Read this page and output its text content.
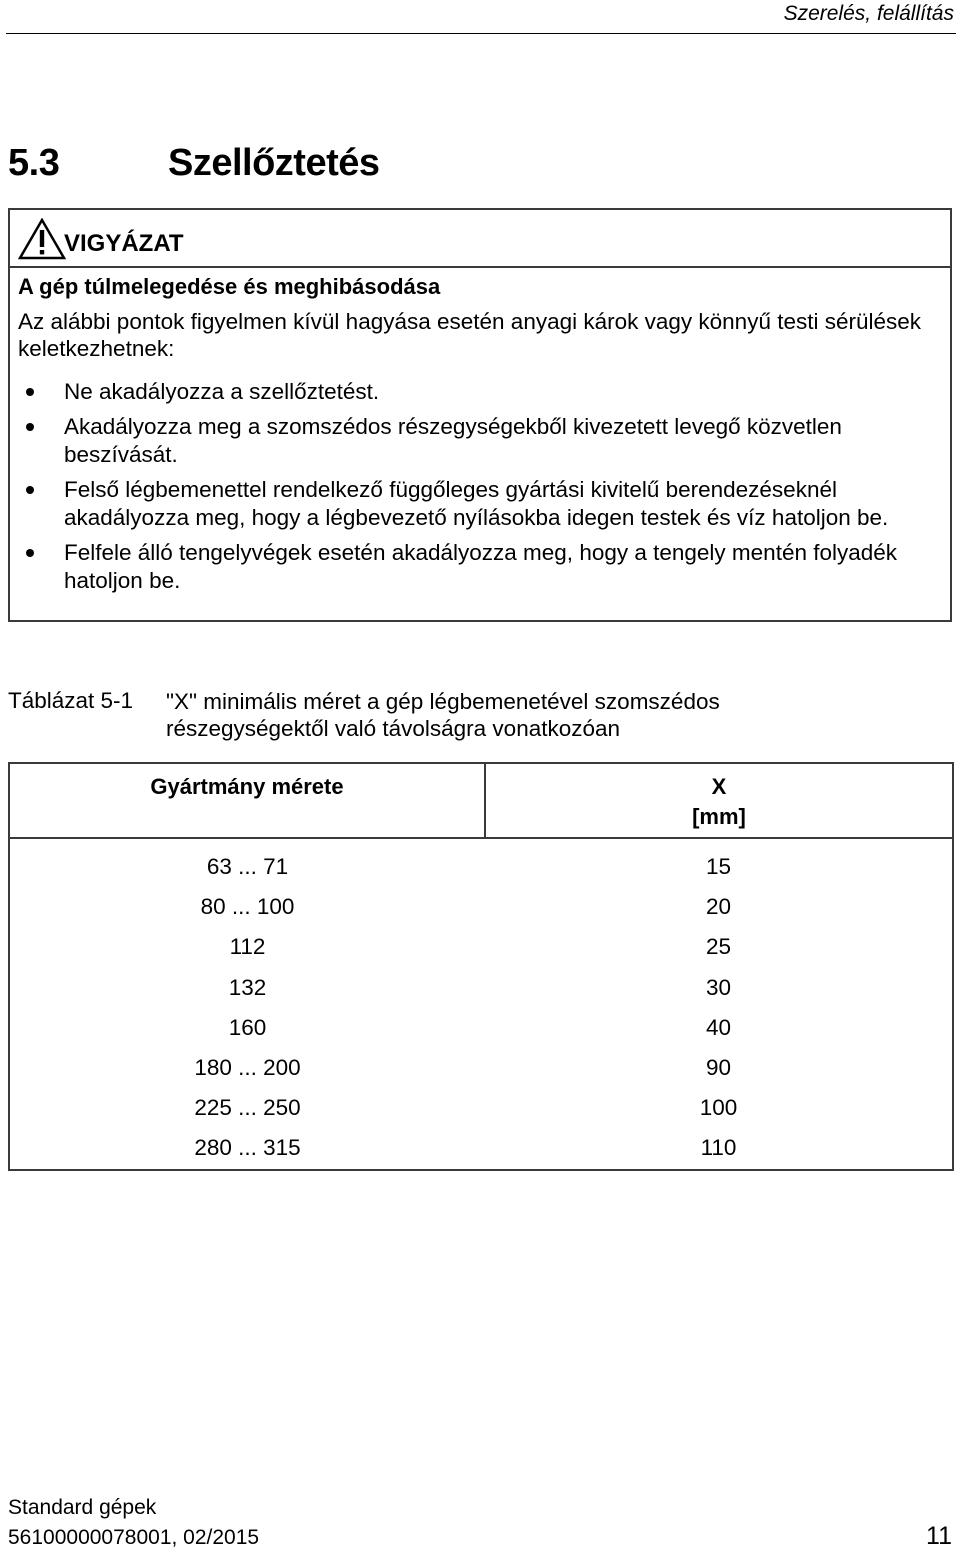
Szerelés, felállítás
5.3	Szellőztetés
VIGYÁZAT
A gép túlmelegedése és meghibásodása
Az alábbi pontok figyelmen kívül hagyása esetén anyagi károk vagy könnyű testi sérülések keletkezhetnek:
Ne akadályozza a szellőztetést.
Akadályozza meg a szomszédos részegységekből kivezetett levegő közvetlen beszívását.
Felső légbemenettel rendelkező függőleges gyártási kivitelű berendezéseknél akadályozza meg, hogy a légbevezető nyílásokba idegen testek és víz hatoljon be.
Felfele álló tengelyvégek esetén akadályozza meg, hogy a tengely mentén folyadék hatoljon be.
Táblázat 5-1 "X" minimális méret a gép légbemenetével szomszédos részegységektől való távolságra vonatkozóan
Gyártmány mérete	X
[mm]

63 ... 71	15
80 ... 100	20
112	25
132	30
160	40
180 ... 200	90
225 ... 250	100
280 ... 315	110
Standard gépek
56100000078001, 02/2015	11
